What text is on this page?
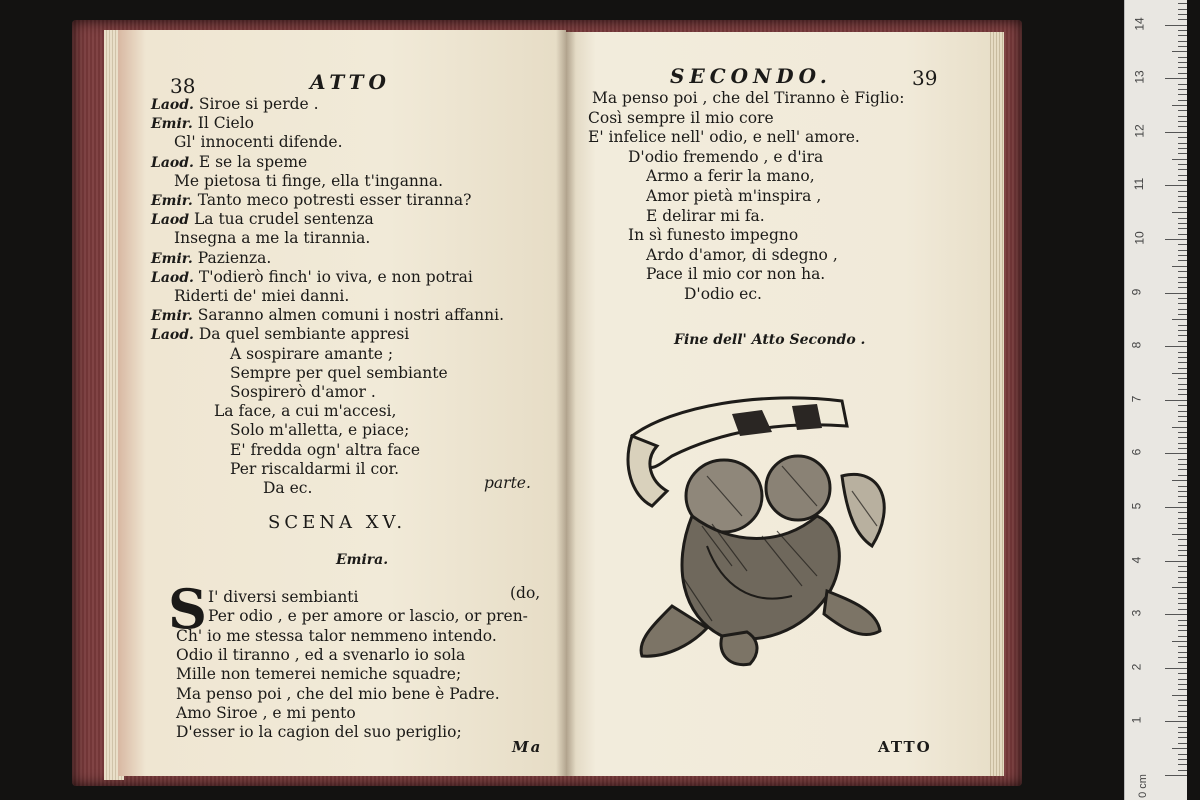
38	ATTO
Laod. Siroe si perde .
Emir. Il Cielo
Gl' innocenti difende.
Laod. E se la speme
Me pietosa ti finge, ella t'inganna.
Emir. Tanto meco potresti esser tiranna?
Laod La tua crudel sentenza
Insegna a me la tirannia.
Emir. Pazienza.
Laod. T'odierò finch' io viva, e non potrai
Riderti de' miei danni.
Emir. Saranno almen comuni i nostri affanni.
Laod. Da quel sembiante appresi
A sospirare amante ;
Sempre per quel sembiante
Sospirerò d'amor .
La face, a cui m'accesi,
Solo m'alletta, e piace;
E' fredda ogn' altra face
Per riscaldarmi il cor.
Da ec.	parte.
SCENA XV.
Emira.
S	(do,
I' diversi sembianti
Per odio , e per amore or lascio, or pren-
Ch' io me stessa talor nemmeno intendo.
Odio il tiranno , ed a svenarlo io sola
Mille non temerei nemiche squadre;
Ma penso poi , che del mio bene è Padre.
Amo Siroe , e mi pento
D'esser io la cagion del suo periglio;
Ma
SECONDO.	39
Ma penso poi , che del Tiranno è Figlio:
Così sempre il mio core
E' infelice nell' odio, e nell' amore.
D'odio fremendo , e d'ira
Armo a ferir la mano,
Amor pietà m'inspira ,
E delirar mi fa.
In sì funesto impegno
Ardo d'amor, di sdegno ,
Pace il mio cor non ha.
D'odio ec.
Fine dell' Atto Secondo .
ATTO
1
2
3
4
5
6
7
8
9
10
11
12
13
14
0 cm
